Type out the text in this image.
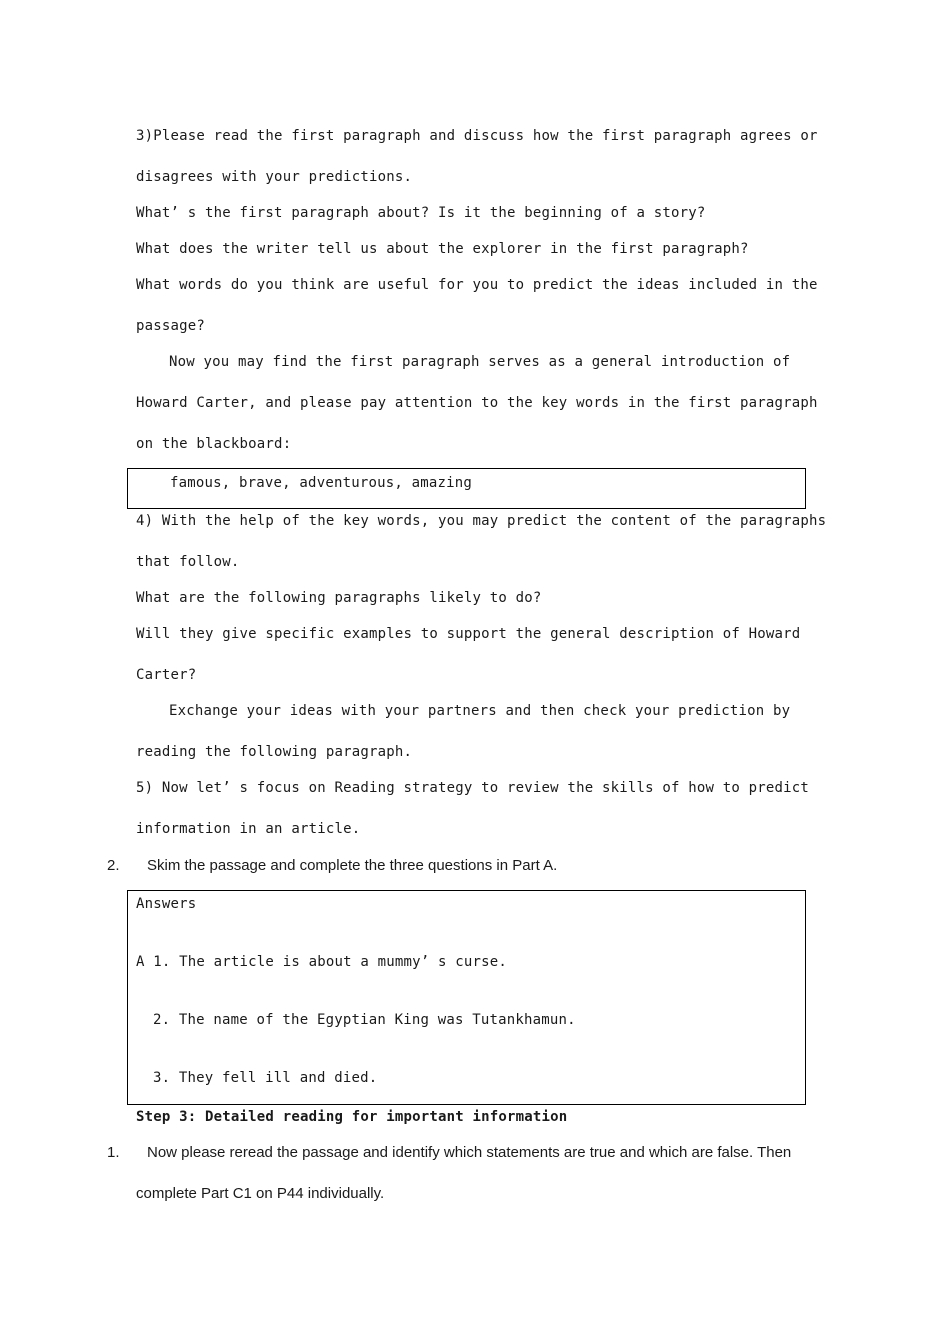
3)Please read the first paragraph and discuss how the first paragraph agrees or
disagrees with your predictions.
What’ s the first paragraph about? Is it the beginning of a story?
What does the writer tell us about the explorer in the first paragraph?
What words do you think are useful for you to predict the ideas included in the
passage?
Now you may find the first paragraph serves as a general introduction of
Howard Carter, and please pay attention to the key words in the first paragraph
on the blackboard:
famous, brave, adventurous, amazing
4) With the help of the key words, you may predict the content of the paragraphs
that follow.
What are the following paragraphs likely to do?
Will they give specific examples to support the general description of Howard
Carter?
Exchange your ideas with your partners and then check your prediction by
reading the following paragraph.
5) Now let’ s focus on Reading strategy to review the skills of how to predict
information in an article.
2. Skim the passage and complete the three questions in Part A.
Answers
A 1. The article is about a mummy’ s curse.
2. The name of the Egyptian King was Tutankhamun.
3. They fell ill and died.
Step 3: Detailed reading for important information
1. Now please reread the passage and identify which statements are true and which are false. Then
complete Part C1 on P44 individually.
